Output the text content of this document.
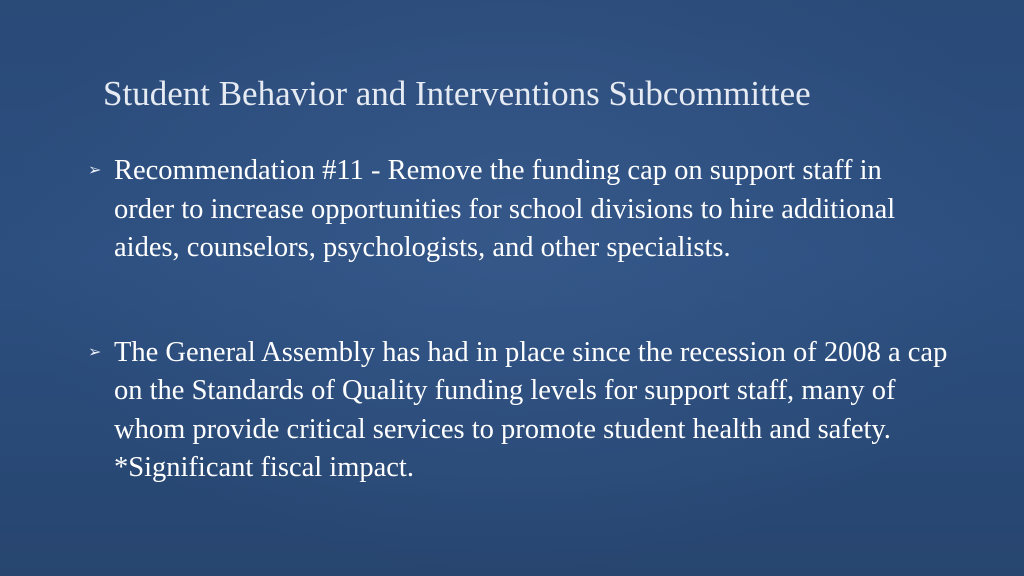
Student Behavior and Interventions Subcommittee
➢ Recommendation #11 - Remove the funding cap on support staff in order to increase opportunities for school divisions to hire additional aides, counselors, psychologists, and other specialists.
➢ The General Assembly has had in place since the recession of 2008 a cap on the Standards of Quality funding levels for support staff, many of whom provide critical services to promote student health and safety. *Significant fiscal impact.
